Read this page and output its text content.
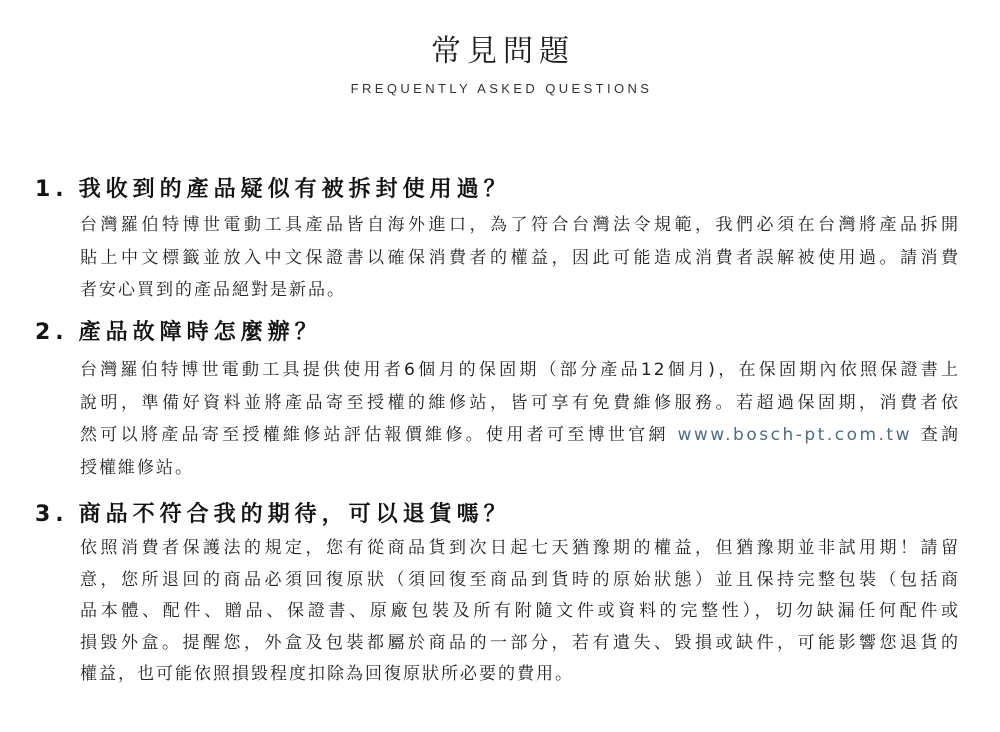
常見問題
FREQUENTLY ASKED QUESTIONS
1. 我收到的產品疑似有被拆封使用過？
台灣羅伯特博世電動工具產品皆自海外進口，為了符合台灣法令規範，我們必須在台灣將產品拆開
貼上中文標籤並放入中文保證書以確保消費者的權益，因此可能造成消費者誤解被使用過。請消費
者安心買到的產品絕對是新品。
2. 產品故障時怎麼辦？
台灣羅伯特博世電動工具提供使用者6個月的保固期（部分產品12個月)，在保固期內依照保證書上
說明，準備好資料並將產品寄至授權的維修站，皆可享有免費維修服務。若超過保固期，消費者依
然可以將產品寄至授權維修站評估報價維修。使用者可至博世官網 www.bosch-pt.com.tw 查詢
授權維修站。
3. 商品不符合我的期待，可以退貨嗎？
依照消費者保護法的規定，您有從商品貨到次日起七天猶豫期的權益，但猶豫期並非試用期！請留
意，您所退回的商品必須回復原狀（須回復至商品到貨時的原始狀態）並且保持完整包裝（包括商
品本體、配件、贈品、保證書、原廠包裝及所有附隨文件或資料的完整性），切勿缺漏任何配件或
損毀外盒。提醒您，外盒及包裝都屬於商品的一部分，若有遺失、毀損或缺件，可能影響您退貨的
權益，也可能依照損毀程度扣除為回復原狀所必要的費用。
